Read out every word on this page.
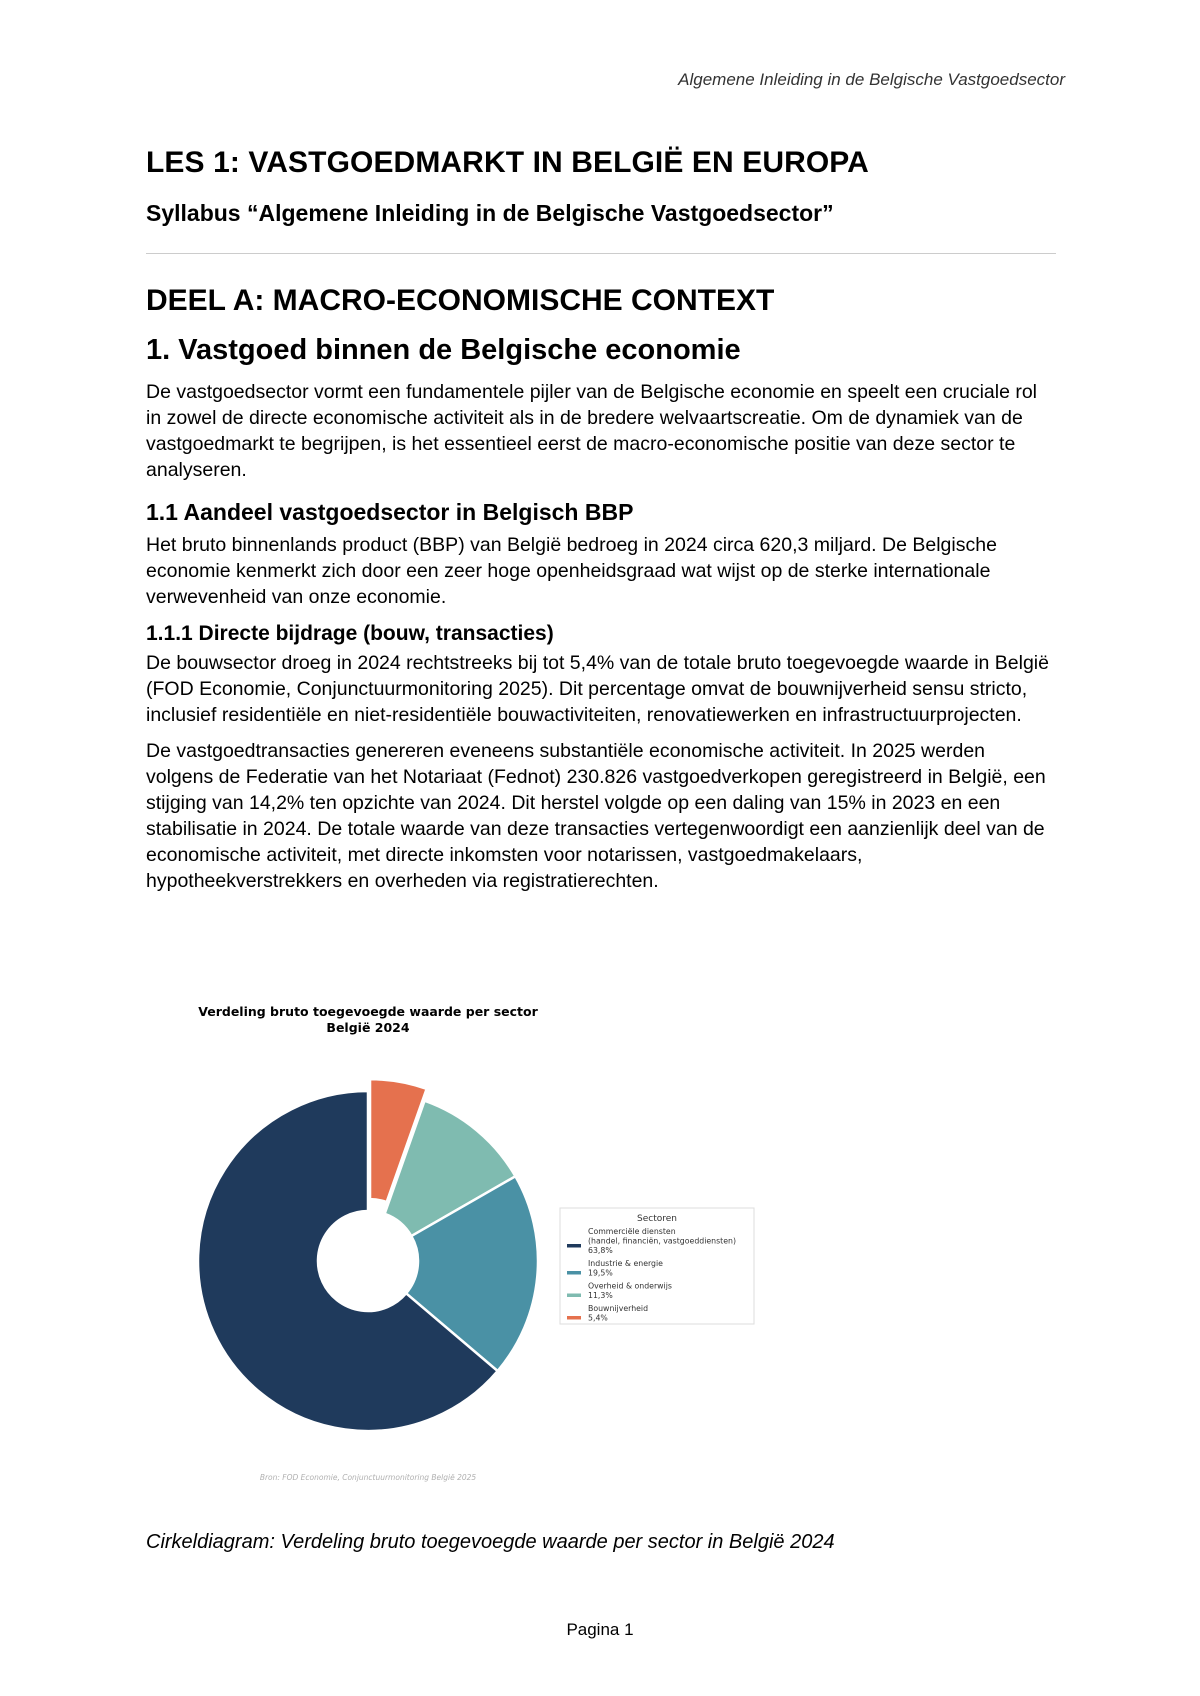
Algemene Inleiding in de Belgische Vastgoedsector
LES 1: VASTGOEDMARKT IN BELGIË EN EUROPA
Syllabus “Algemene Inleiding in de Belgische Vastgoedsector”
DEEL A: MACRO-ECONOMISCHE CONTEXT
1. Vastgoed binnen de Belgische economie

De vastgoedsector vormt een fundamentele pijler van de Belgische economie en speelt een cruciale rol in zowel de directe economische activiteit als in de bredere welvaartscreatie. Om de dynamiek van de vastgoedmarkt te begrijpen, is het essentieel eerst de macro-economische positie van deze sector te analyseren.

1.1 Aandeel vastgoedsector in Belgisch BBP

Het bruto binnenlands product (BBP) van België bedroeg in 2024 circa 620,3 miljard. De Belgische economie kenmerkt zich door een zeer hoge openheidsgraad wat wijst op de sterke internationale verwevenheid van onze economie.

1.1.1 Directe bijdrage (bouw, transacties)

De bouwsector droeg in 2024 rechtstreeks bij tot 5,4% van de totale bruto toegevoegde waarde in België (FOD Economie, Conjunctuurmonitoring 2025). Dit percentage omvat de bouwnijverheid sensu stricto, inclusief residentiële en niet-residentiële bouwactiviteiten, renovatiewerken en infrastructuurprojecten.

De vastgoedtransacties genereren eveneens substantiële economische activiteit. In 2025 werden volgens de Federatie van het Notariaat (Fednot) 230.826 vastgoedverkopen geregistreerd in België, een stijging van 14,2% ten opzichte van 2024. Dit herstel volgde op een daling van 15% in 2023 en een stabilisatie in 2024. De totale waarde van deze transacties vertegenwoordigt een aanzienlijk deel van de economische activiteit, met directe inkomsten voor notarissen, vastgoedmakelaars, hypotheekverstrekkers en overheden via registratierechten.

Verdeling bruto toegevoegde waarde per sector
België 2024
Sectoren
Commerciële diensten (handel, financiën, vastgoeddiensten) 63,8%
Industrie & energie 19,5%
Overheid & onderwijs 11,3%
Bouwnijverheid 5,4%
Bron: FOD Economie, Conjunctuurmonitoring België 2025
Cirkeldiagram: Verdeling bruto toegevoegde waarde per sector in België 2024
Pagina 1
